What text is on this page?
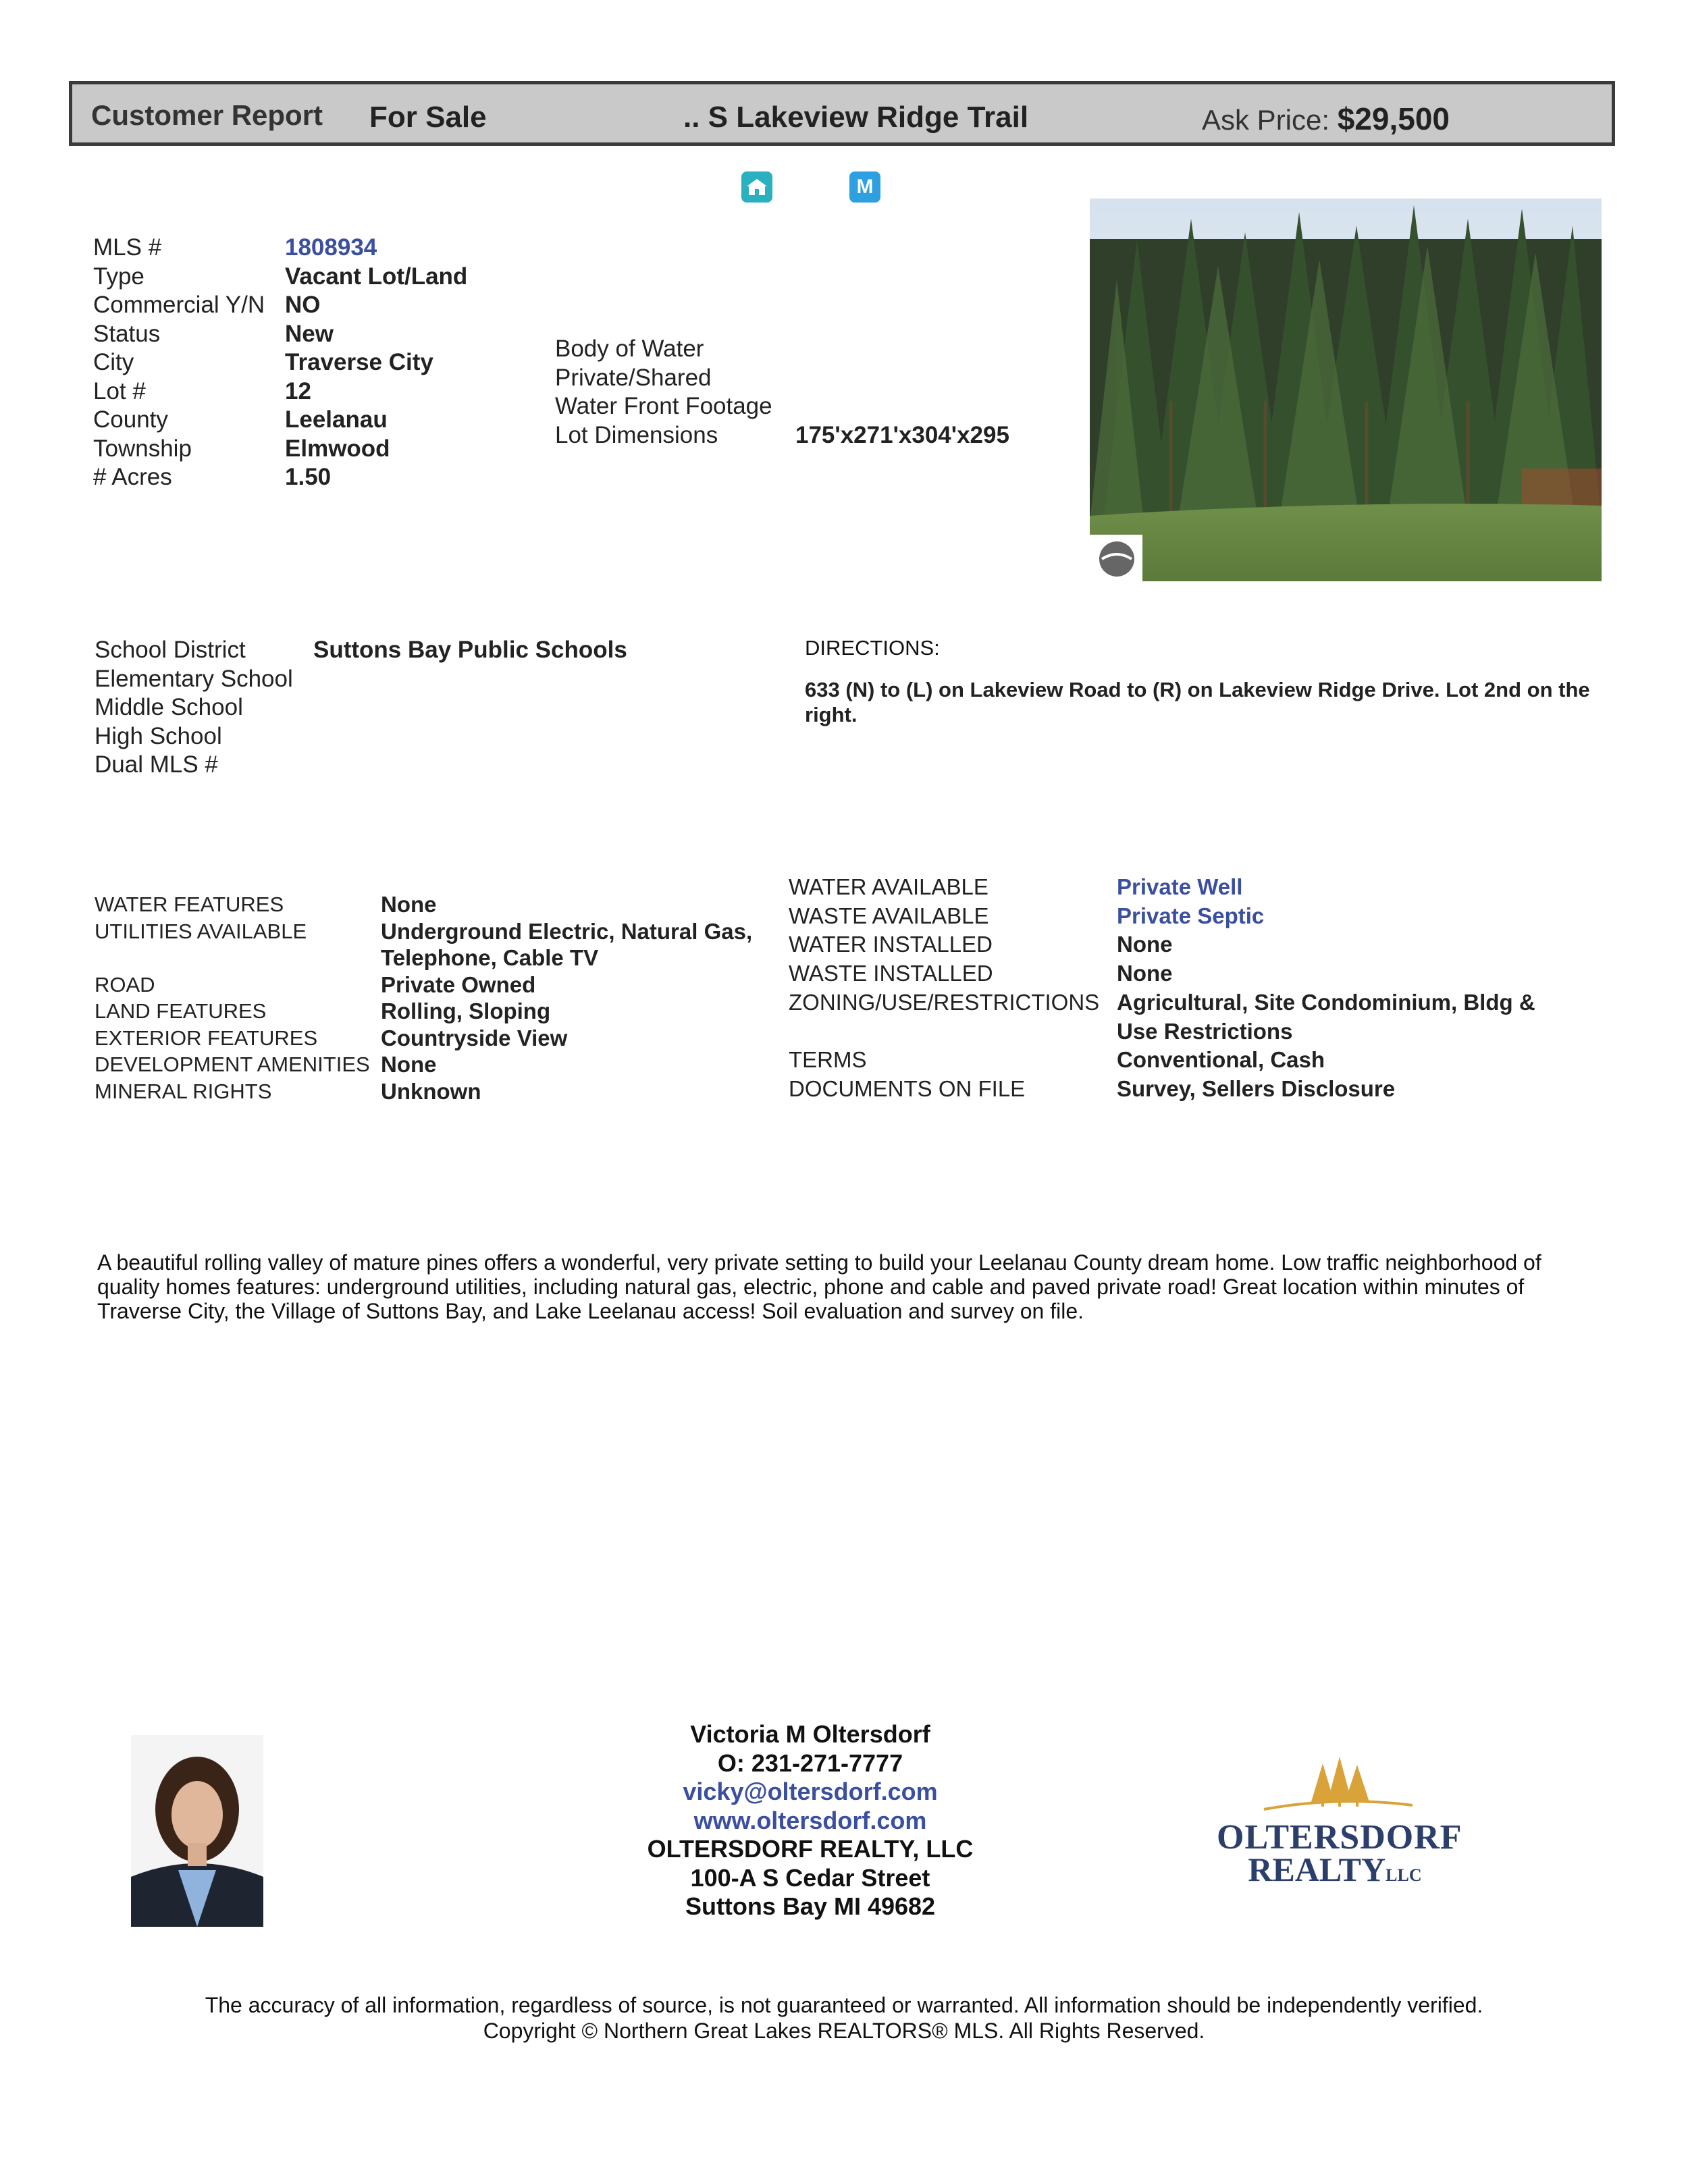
Customer Report For Sale	.. S Lakeview Ridge Trail	Ask Price: $29,500
M
MLS #	1808934
Type	Vacant Lot/Land
Commercial Y/N NO
Status	New
City	Traverse City
Lot #	12
County	Leelanau
Township	Elmwood
# Acres	1.50
Body of Water
Private/Shared
Water Front Footage
Lot Dimensions	175'x271'x304'x295
School District	Suttons Bay Public Schools
Elementary School
Middle School
High School
Dual MLS #
DIRECTIONS:
633 (N) to (L) on Lakeview Road to (R) on Lakeview Ridge Drive. Lot 2nd on the right.
WATER FEATURES	None
UTILITIES AVAILABLE	Underground Electric, Natural Gas,
Telephone, Cable TV
ROAD	Private Owned
LAND FEATURES	Rolling, Sloping
EXTERIOR FEATURES	Countryside View
DEVELOPMENT AMENITIES None
MINERAL RIGHTS	Unknown
WATER AVAILABLE	Private Well
WASTE AVAILABLE	Private Septic
WATER INSTALLED	None
WASTE INSTALLED	None
ZONING/USE/RESTRICTIONS Agricultural, Site Condominium, Bldg &
Use Restrictions
TERMS	Conventional, Cash
DOCUMENTS ON FILE	Survey, Sellers Disclosure
A beautiful rolling valley of mature pines offers a wonderful, very private setting to build your Leelanau County dream home. Low traffic neighborhood of quality homes features: underground utilities, including natural gas, electric, phone and cable and paved private road! Great location within minutes of Traverse City, the Village of Suttons Bay, and Lake Leelanau access! Soil evaluation and survey on file.
Victoria M Oltersdorf
O: 231-271-7777
vicky@oltersdorf.com
www.oltersdorf.com
OLTERSDORF REALTY, LLC
100-A S Cedar Street
Suttons Bay MI 49682
OLTERSDORF
REALTYLLC
The accuracy of all information, regardless of source, is not guaranteed or warranted. All information should be independently verified. Copyright © Northern Great Lakes REALTORS® MLS. All Rights Reserved.
